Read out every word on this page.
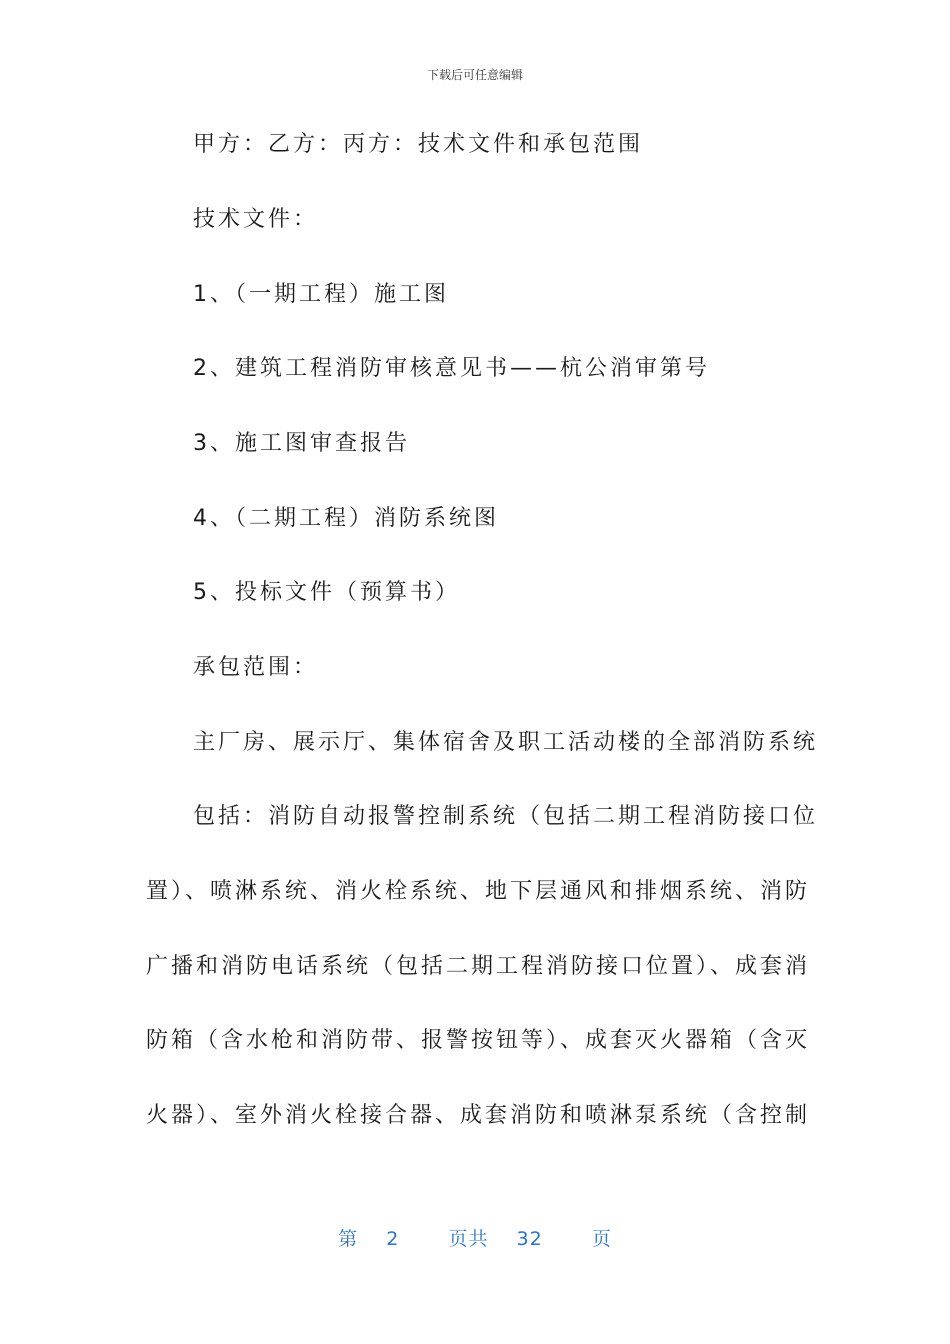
下载后可任意编辑
甲方：乙方：丙方：技术文件和承包范围
技术文件：
1、（一期工程）施工图
2、建筑工程消防审核意见书——杭公消审第号
3、施工图审查报告
4、（二期工程）消防系统图
5、投标文件（预算书）
承包范围：
主厂房、展示厅、集体宿舍及职工活动楼的全部消防系统
包括：消防自动报警控制系统（包括二期工程消防接口位
置）、喷淋系统、消火栓系统、地下层通风和排烟系统、消防
广播和消防电话系统（包括二期工程消防接口位置）、成套消
防箱（含水枪和消防带、报警按钮等）、成套灭火器箱（含灭
火器）、室外消火栓接合器、成套消防和喷淋泵系统（含控制
第 2	页共 32	页
